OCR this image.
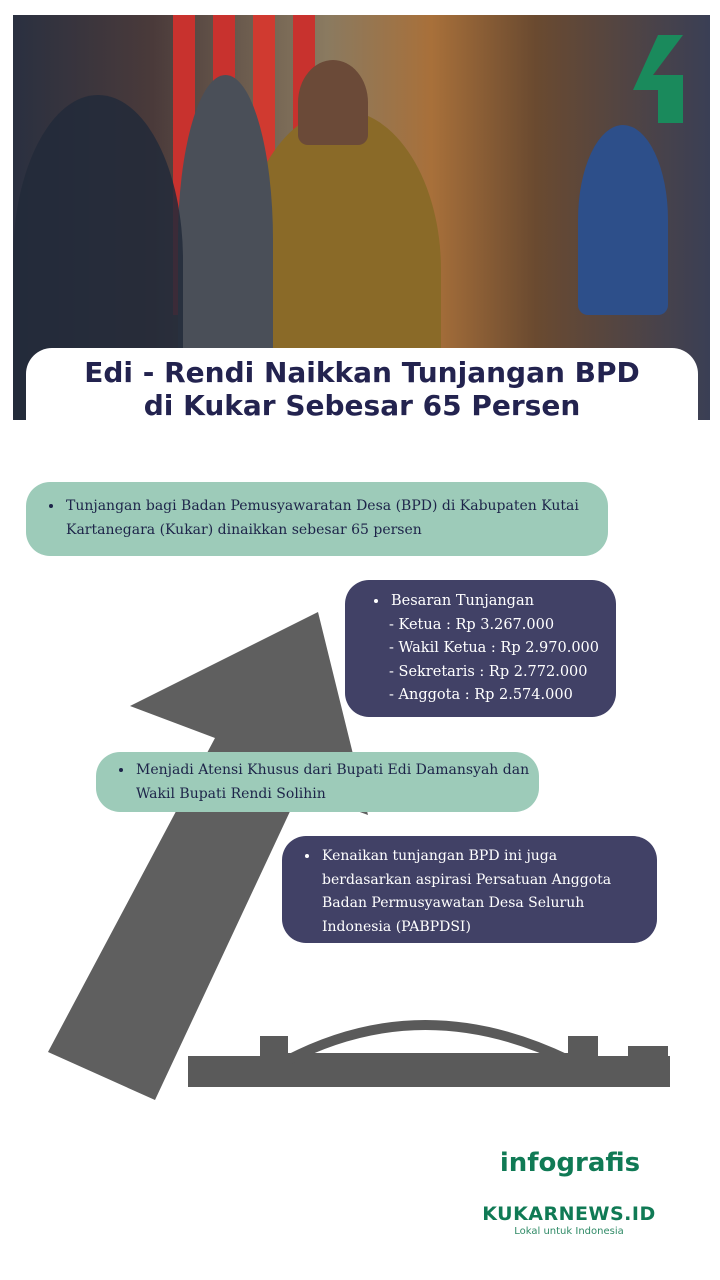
Edi - Rendi Naikkan Tunjangan BPD
di Kukar Sebesar 65 Persen
• Tunjangan bagi Badan Pemusyawaratan Desa (BPD) di Kabupaten Kutai Kartanegara (Kukar) dinaikkan sebesar 65 persen
• Besaran Tunjangan
- Ketua : Rp 3.267.000
- Wakil Ketua : Rp 2.970.000
- Sekretaris : Rp 2.772.000
- Anggota : Rp 2.574.000
• Menjadi Atensi Khusus dari Bupati Edi Damansyah dan Wakil Bupati Rendi Solihin
• Kenaikan tunjangan BPD ini juga berdasarkan aspirasi Persatuan Anggota Badan Permusyawatan Desa Seluruh Indonesia (PABPDSI)
infografis
KUKARNEWS.ID
Lokal untuk Indonesia
